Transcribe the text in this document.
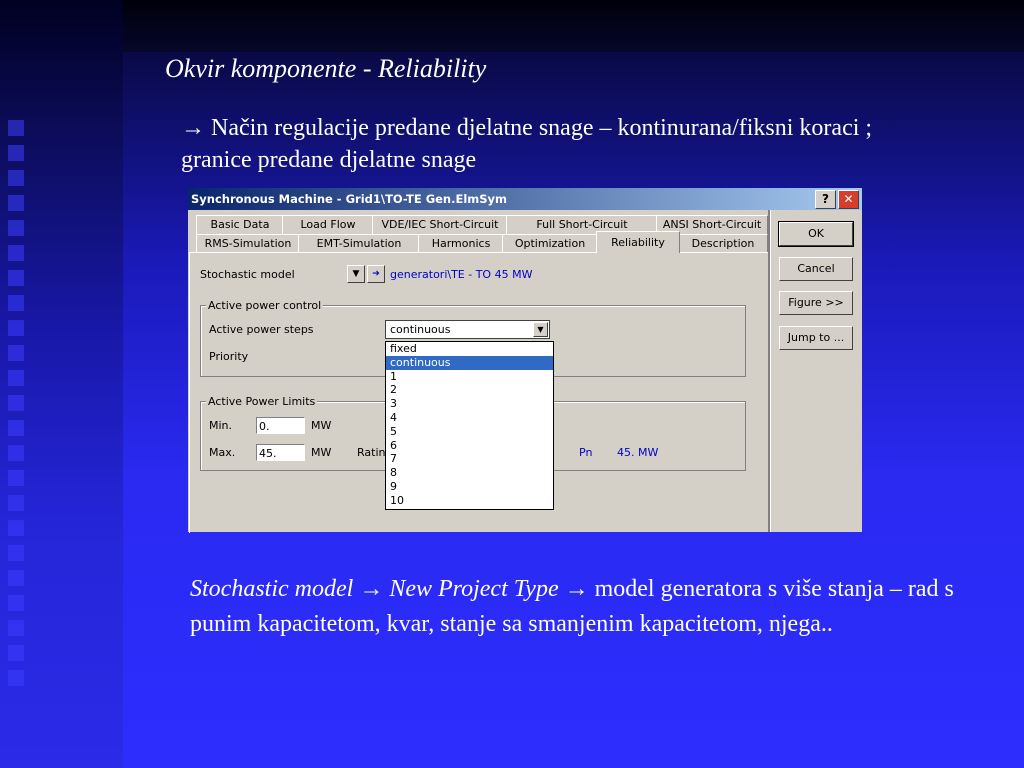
Okvir komponente - Reliability
→ Način regulacije predane djelatne snage – kontinurana/fiksni koraci ; granice predane djelatne snage
Synchronous Machine - Grid1\TO-TE Gen.ElmSym	?	✕
Basic Data	Load Flow	VDE/IEC Short-Circuit	Full Short-Circuit	ANSI Short-Circuit
RMS-Simulation	EMT-Simulation	Harmonics	Optimization	Reliability	Description
OK
Cancel
Figure >>
Jump to ...
Stochastic model	▼	➔ generatori\TE - TO 45 MW
Active power control
Active power steps	continuous	▼
Priority
Active Power Limits
Min. 0.	MW
Max. 45.	MW Ratin	Pn 45. MW
fixed
continuous
1
2
3
4
5
6
7
8
9
10
Stochastic model → New Project Type → model generatora s više stanja – rad s punim kapacitetom, kvar, stanje sa smanjenim kapacitetom, njega..
